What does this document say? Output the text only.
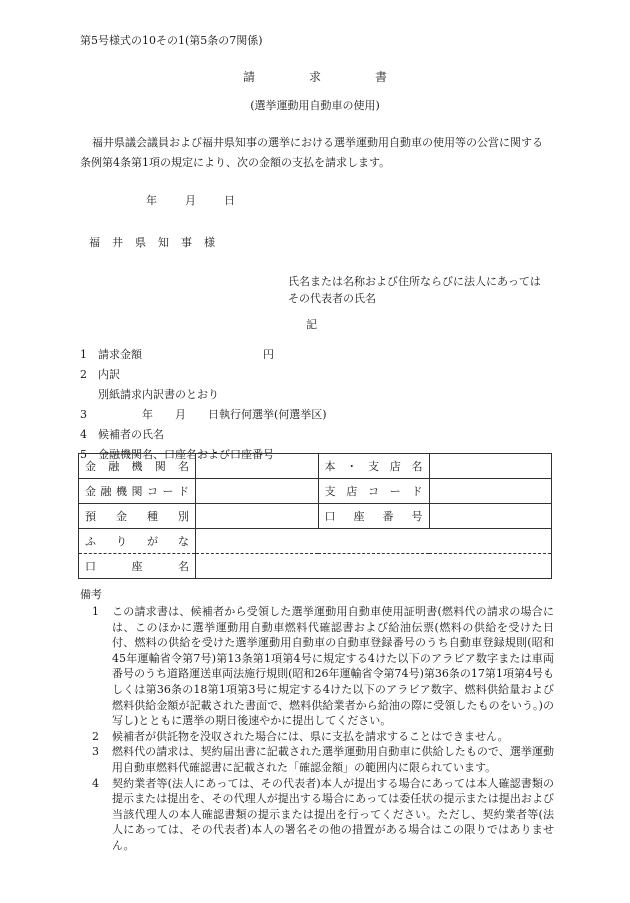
第5号様式の10その1(第5条の7関係)
請求書
(選挙運動用自動車の使用)
福井県議会議員および福井県知事の選挙における選挙運動用自動車の使用等の公営に関する条例第4条第1項の規定により、次の金額の支払を請求します。
年　　月　　日
福井県知事様
氏名または名称および住所ならびに法人にあってはその代表者の氏名
記
1 請求金額　　　　　　　　　　　円
2 内訳
別紙請求内訳書のとおり
3　　　　年　　月　　日執行何選挙(何選挙区)
4 候補者の氏名
5 金融機関名、口座名および口座番号
金融機関名		本・支店名	
金融機関コード		支店コード	
預金種別		口座番号	
ふりがな			
口座名			
備考
1 この請求書は、候補者から受領した選挙運動用自動車使用証明書(燃料代の請求の場合には、このほかに選挙運動用自動車燃料代確認書および給油伝票(燃料の供給を受けた日付、燃料の供給を受けた選挙運動用自動車の自動車登録番号のうち自動車登録規則(昭和45年運輸省令第7号)第13条第1項第4号に規定する4けた以下のアラビア数字または車両番号のうち道路運送車両法施行規則(昭和26年運輸省令第74号)第36条の17第1項第4号もしくは第36条の18第1項第3号に規定する4けた以下のアラビア数字、燃料供給量および燃料供給金額が記載された書面で、燃料供給業者から給油の際に受領したものをいう。)の写し)とともに選挙の期日後速やかに提出してください。
2 候補者が供託物を没収された場合には、県に支払を請求することはできません。
3 燃料代の請求は、契約届出書に記載された選挙運動用自動車に供給したもので、選挙運動用自動車燃料代確認書に記載された「確認金額」の範囲内に限られています。
4 契約業者等(法人にあっては、その代表者)本人が提出する場合にあっては本人確認書類の提示または提出を、その代理人が提出する場合にあっては委任状の提示または提出および当該代理人の本人確認書類の提示または提出を行ってください。ただし、契約業者等(法人にあっては、その代表者)本人の署名その他の措置がある場合はこの限りではありません。
